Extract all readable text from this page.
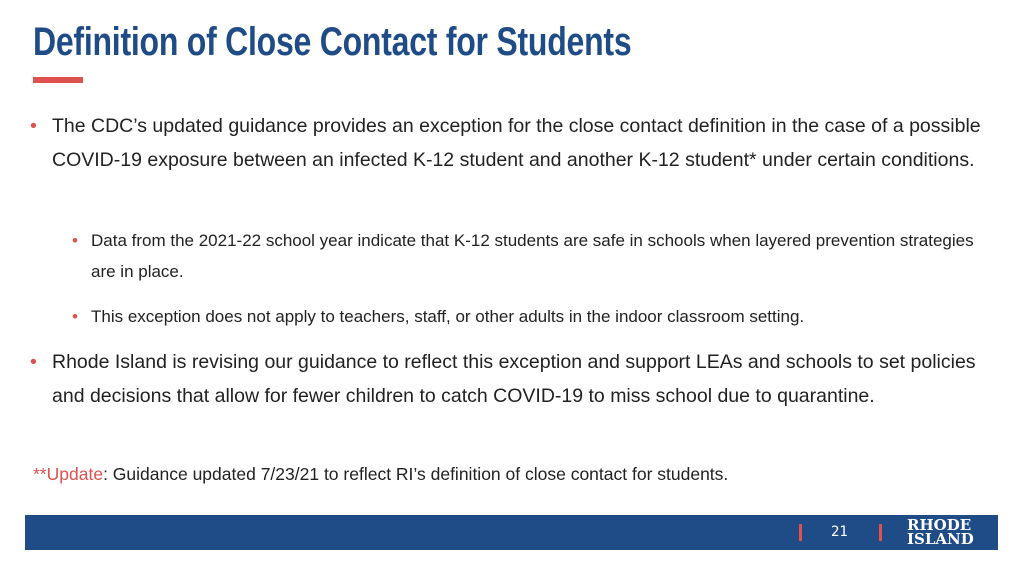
Definition of Close Contact for Students
• The CDC’s updated guidance provides an exception for the close contact definition in the case of a possible COVID-19 exposure between an infected K-12 student and another K-12 student* under certain conditions.
• Data from the 2021-22 school year indicate that K-12 students are safe in schools when layered prevention strategies are in place.
• This exception does not apply to teachers, staff, or other adults in the indoor classroom setting.
• Rhode Island is revising our guidance to reflect this exception and support LEAs and schools to set policies and decisions that allow for fewer children to catch COVID-19 to miss school due to quarantine.
**Update: Guidance updated 7/23/21 to reflect RI’s definition of close contact for students.
21	RHODE
ISLAND
